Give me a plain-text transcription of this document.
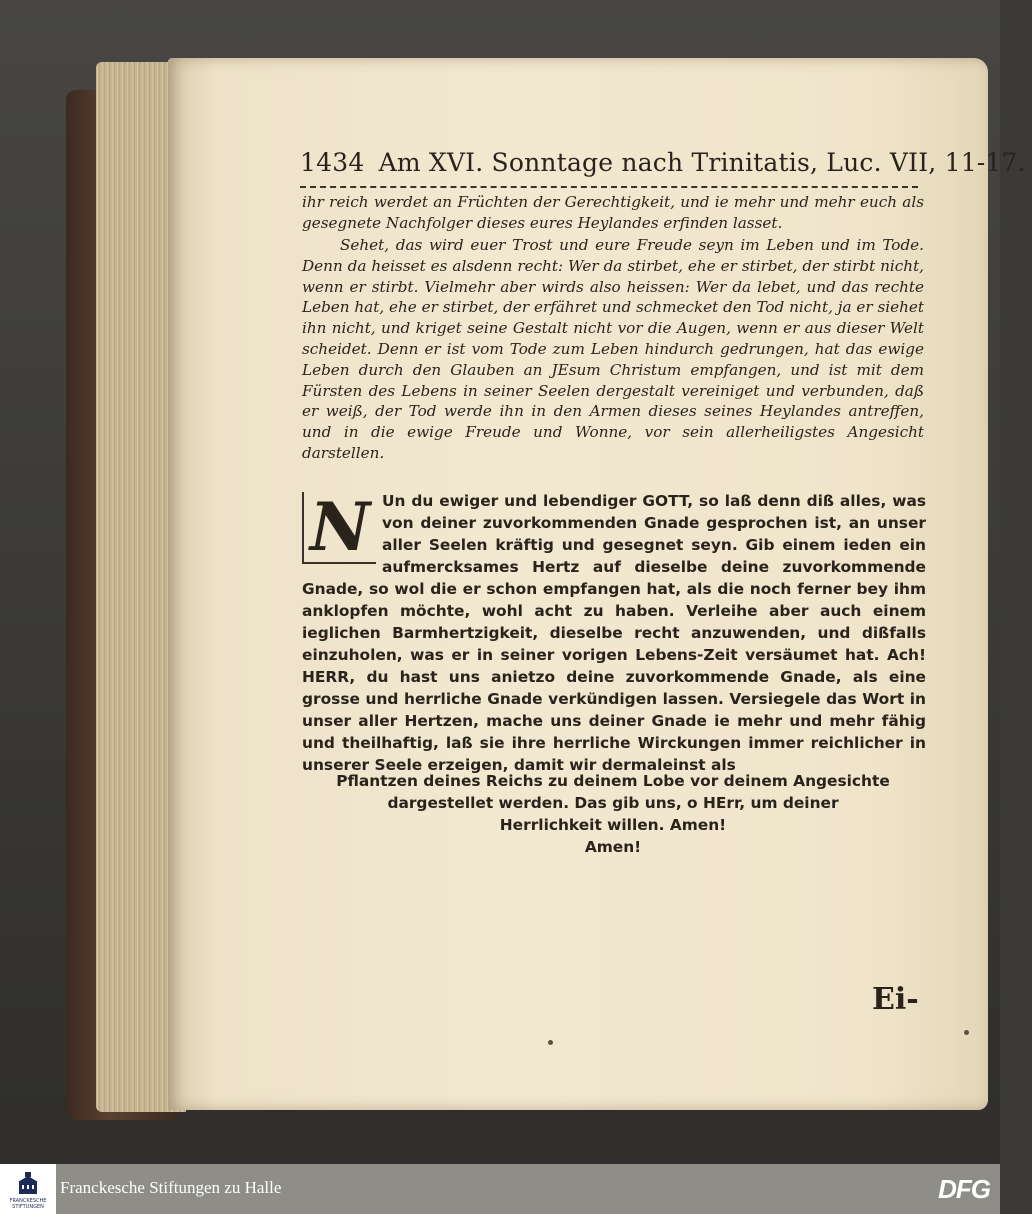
1434 Am XVI. Sonntage nach Trinitatis, Luc. VII, 11-17.

ihr reich werdet an Früchten der Gerechtigkeit, und ie mehr und mehr euch als gesegnete Nachfolger dieses eures Heylandes erfinden lasset.

Sehet, das wird euer Trost und eure Freude seyn im Leben und im Tode. Denn da heisset es alsdenn recht: Wer da stirbet, ehe er stirbet, der stirbt nicht, wenn er stirbt. Vielmehr aber wirds also heissen: Wer da lebet, und das rechte Leben hat, ehe er stirbet, der erfähret und schmecket den Tod nicht, ja er siehet ihn nicht, und kriget seine Gestalt nicht vor die Augen, wenn er aus dieser Welt scheidet. Denn er ist vom Tode zum Leben hindurch gedrungen, hat das ewige Leben durch den Glauben an JEsum Christum empfangen, und ist mit dem Fürsten des Lebens in seiner Seelen dergestalt vereiniget und verbunden, daß er weiß, der Tod werde ihn in den Armen dieses seines Heylandes antreffen, und in die ewige Freude und Wonne, vor sein allerheiligstes Angesicht darstellen.

N Un du ewiger und lebendiger GOTT, so laß denn diß alles, was von deiner zuvorkommenden Gnade gesprochen ist, an unser aller Seelen kräftig und gesegnet seyn. Gib einem ieden ein aufmercksames Hertz auf dieselbe deine zuvorkommende Gnade, so wol die er schon empfangen hat, als die noch ferner bey ihm anklopfen möchte, wohl acht zu haben. Verleihe aber auch einem ieglichen Barmhertzigkeit, dieselbe recht anzuwenden, und dißfalls einzuholen, was er in seiner vorigen Lebens-Zeit versäumet hat. Ach! HERR, du hast uns anietzo deine zuvorkommende Gnade, als eine grosse und herrliche Gnade verkündigen lassen. Versiegele das Wort in unser aller Hertzen, mache uns deiner Gnade ie mehr und mehr fähig und theilhaftig, laß sie ihre herrliche Wirckungen immer reichlicher in unserer Seele erzeigen, damit wir dermaleinst als

Pflantzen deines Reichs zu deinem Lobe vor deinem Angesichte
dargestellet werden. Das gib uns, o HErr, um deiner
Herrlichkeit willen. Amen!
Amen!
Ei-
FRANCKESCHE STIFTUNGEN
Franckesche Stiftungen zu Halle	DFG
